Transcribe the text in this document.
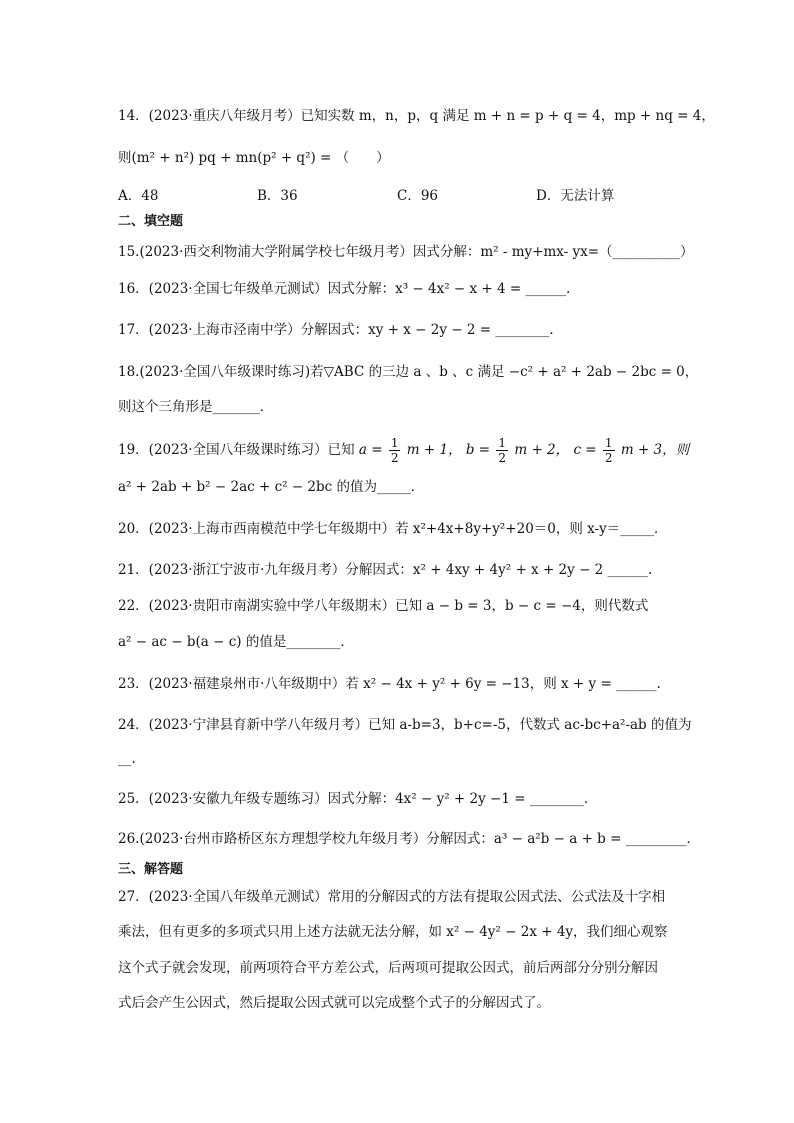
14．(2023·重庆八年级月考）已知实数 m，n，p，q 满足 m + n = p + q = 4，mp + nq = 4，
则(m² + n²) pq + mn(p² + q²) = （　　）
A．48	B．36	C．96	D．无法计算
二、填空题
15.(2023·西交利物浦大学附属学校七年级月考）因式分解：m² - my+mx- yx=（__________）
16．(2023·全国七年级单元测试）因式分解：x³ − 4x² − x + 4 = ______.
17．(2023·上海市泾南中学）分解因式：xy + x − 2y − 2 = ________．
18.(2023·全国八年级课时练习)若▽ABC 的三边 a 、b 、c 满足 −c² + a² + 2ab − 2bc = 0，
则这个三角形是_______．
19．(2023·全国八年级课时练习）已知 $a = \frac{1}{2}$ m + 1， $b = \frac{1}{2}$ m + 2， $c = \frac{1}{2}$ m + 3，则
a² + 2ab + b² − 2ac + c² − 2bc 的值为_____．
20．(2023·上海市西南模范中学七年级期中）若 x²+4x+8y+y²+20＝0，则 x-y＝_____．
21．(2023·浙江宁波市·九年级月考）分解因式：x² + 4xy + 4y² + x + 2y − 2 ______.
22．(2023·贵阳市南湖实验中学八年级期末）已知 a − b = 3，b − c = −4，则代数式
a² − ac − b(a − c) 的值是________．
23．(2023·福建泉州市·八年级期中）若 x² − 4x + y² + 6y = −13，则 x + y = ______.
24．(2023·宁津县育新中学八年级月考）已知 a-b=3，b+c=-5，代数式 ac-bc+a²-ab 的值为
__.
25．(2023·安徽九年级专题练习）因式分解：4x² − y² + 2y −1 = ________．
26.(2023·台州市路桥区东方理想学校九年级月考）分解因式：a³ − a²b − a + b = _________．
三、解答题
27．(2023·全国八年级单元测试）常用的分解因式的方法有提取公因式法、公式法及十字相
乘法，但有更多的多项式只用上述方法就无法分解，如 x² − 4y² − 2x + 4y，我们细心观察
这个式子就会发现，前两项符合平方差公式，后两项可提取公因式，前后两部分分别分解因
式后会产生公因式，然后提取公因式就可以完成整个式子的分解因式了。
